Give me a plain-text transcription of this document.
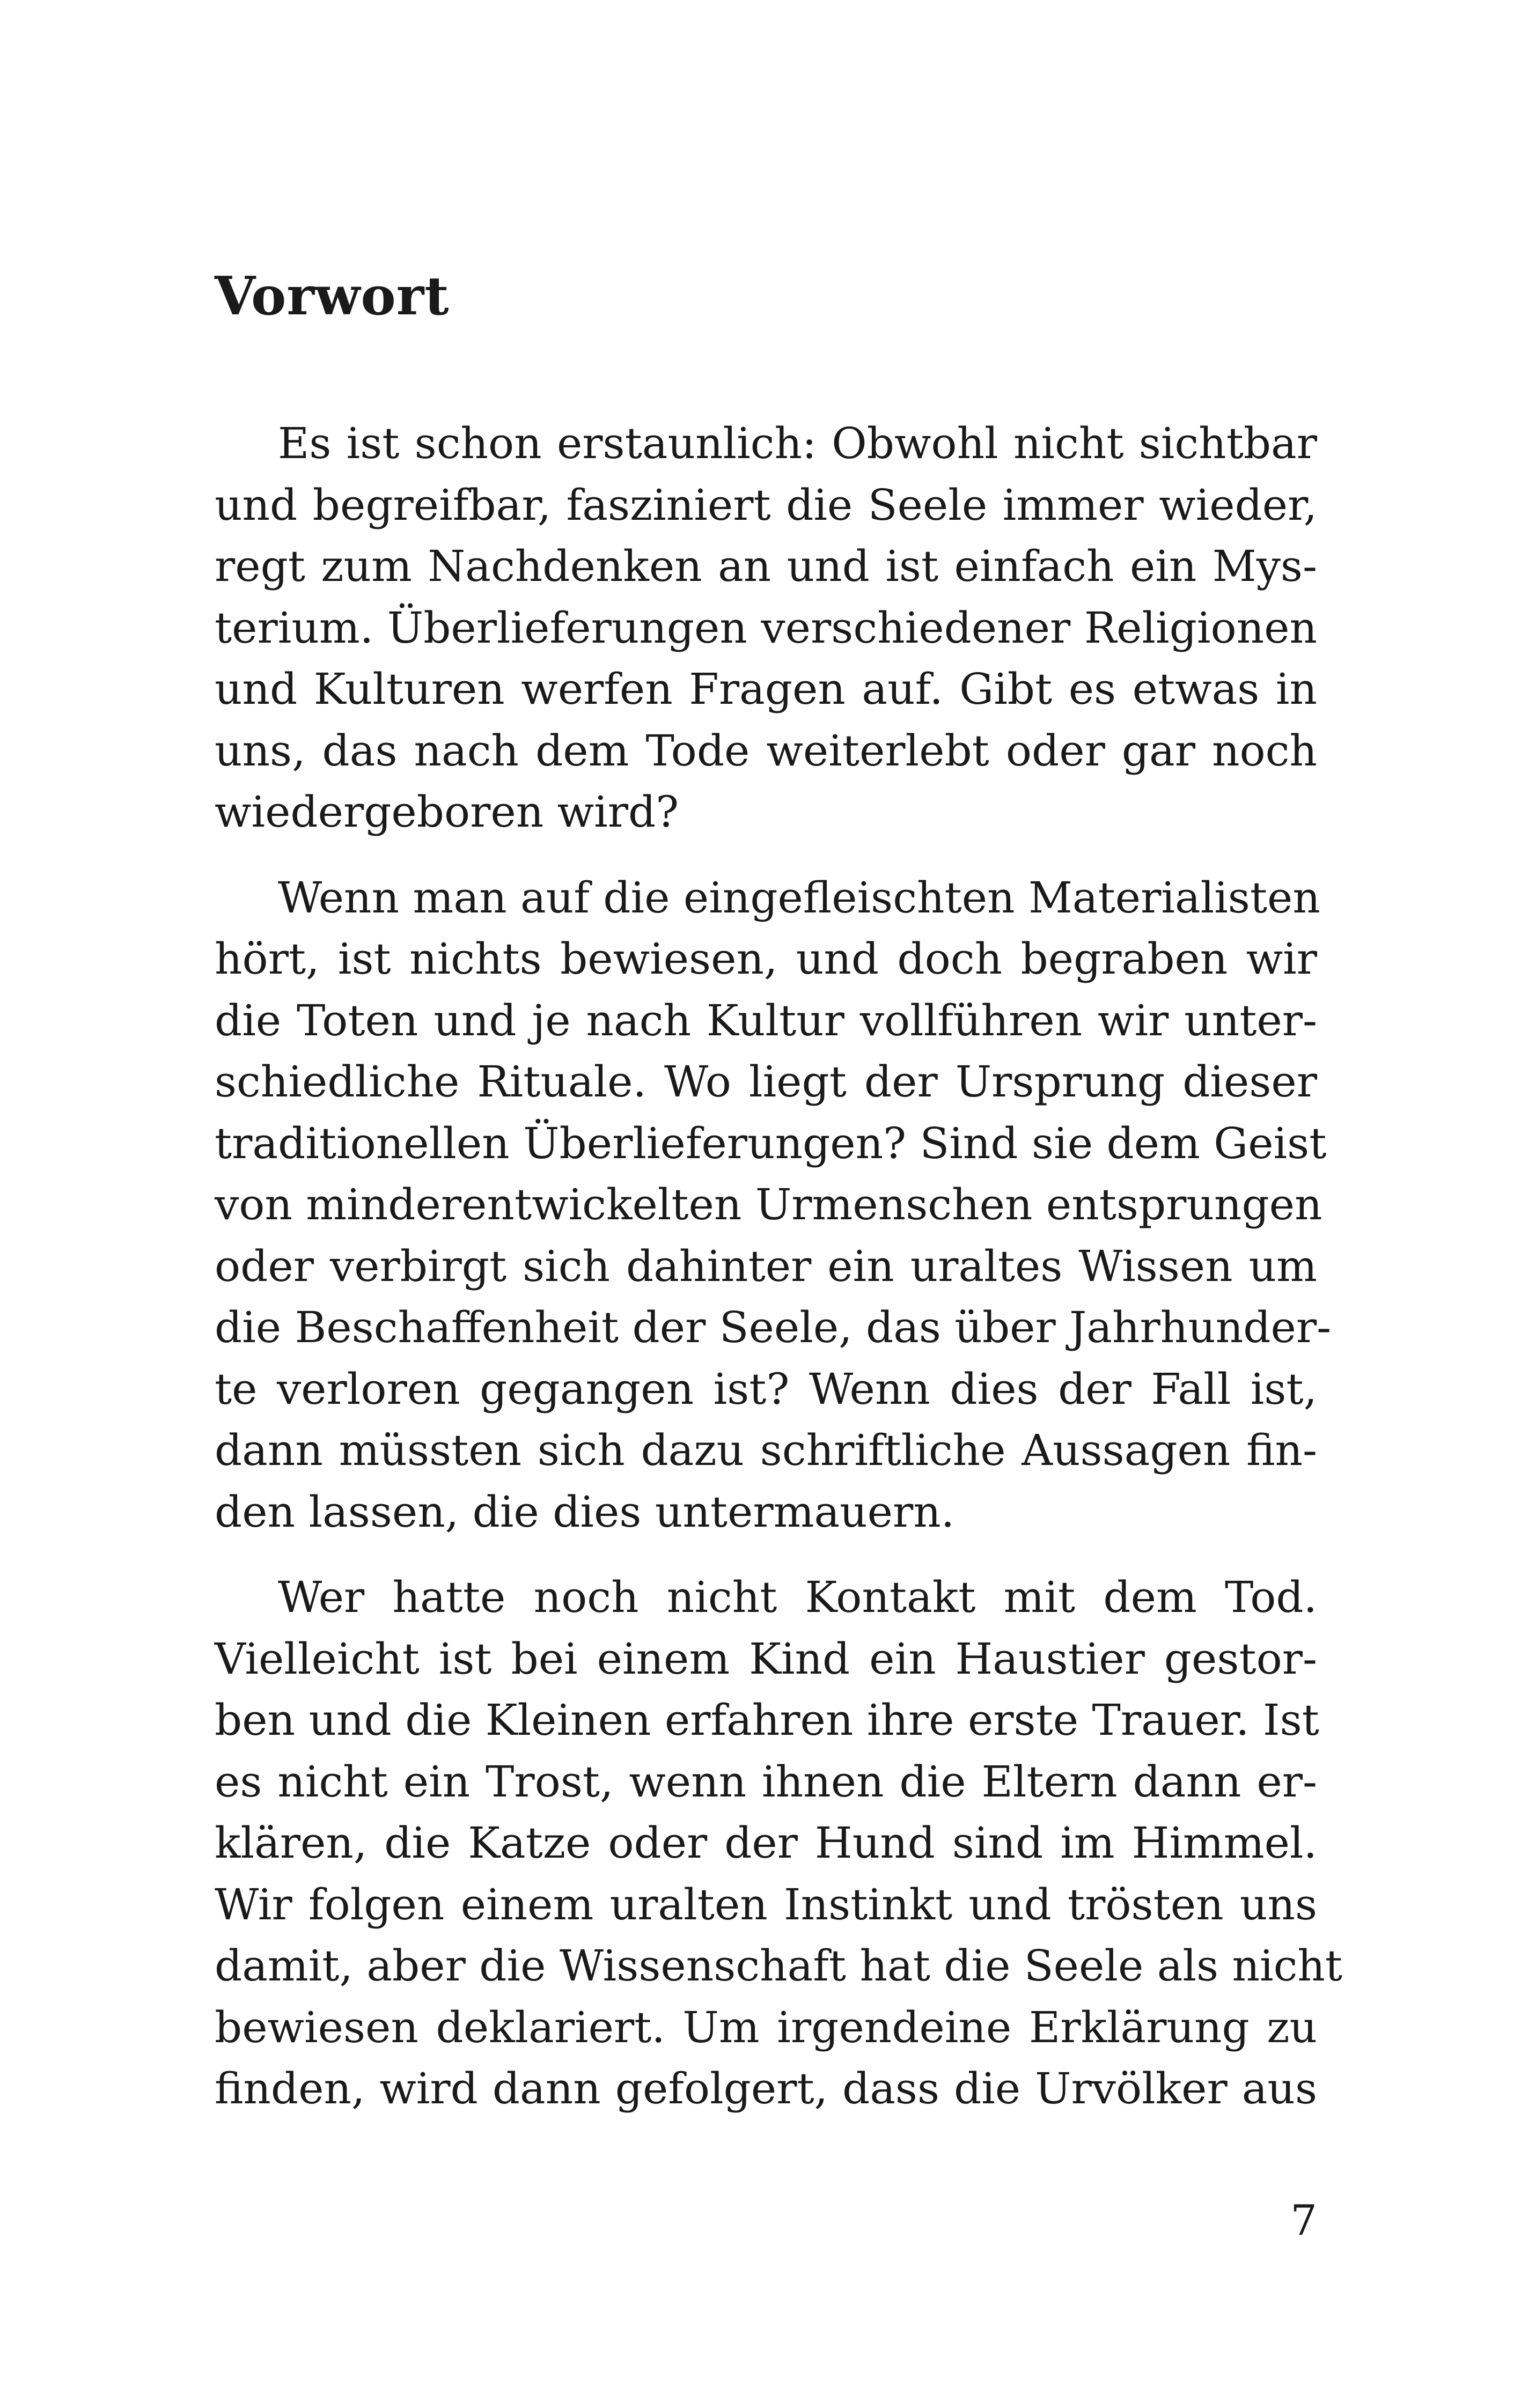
Vorwort

Es ist schon erstaunlich: Obwohl nicht sichtbar
und begreifbar, fasziniert die Seele immer wieder,
regt zum Nachdenken an und ist einfach ein Mys-
terium. Überlieferungen verschiedener Religionen
und Kulturen werfen Fragen auf. Gibt es etwas in
uns, das nach dem Tode weiterlebt oder gar noch
wiedergeboren wird?

Wenn man auf die eingefleischten Materialisten
hört, ist nichts bewiesen, und doch begraben wir
die Toten und je nach Kultur vollführen wir unter-
schiedliche Rituale. Wo liegt der Ursprung dieser
traditionellen Überlieferungen? Sind sie dem Geist
von minderentwickelten Urmenschen entsprungen
oder verbirgt sich dahinter ein uraltes Wissen um
die Beschaffenheit der Seele, das über Jahrhunder-
te verloren gegangen ist? Wenn dies der Fall ist,
dann müssten sich dazu schriftliche Aussagen fin-
den lassen, die dies untermauern.

Wer hatte noch nicht Kontakt mit dem Tod.
Vielleicht ist bei einem Kind ein Haustier gestor-
ben und die Kleinen erfahren ihre erste Trauer. Ist
es nicht ein Trost, wenn ihnen die Eltern dann er-
klären, die Katze oder der Hund sind im Himmel.
Wir folgen einem uralten Instinkt und trösten uns
damit, aber die Wissenschaft hat die Seele als nicht
bewiesen deklariert. Um irgendeine Erklärung zu
finden, wird dann gefolgert, dass die Urvölker aus

7
